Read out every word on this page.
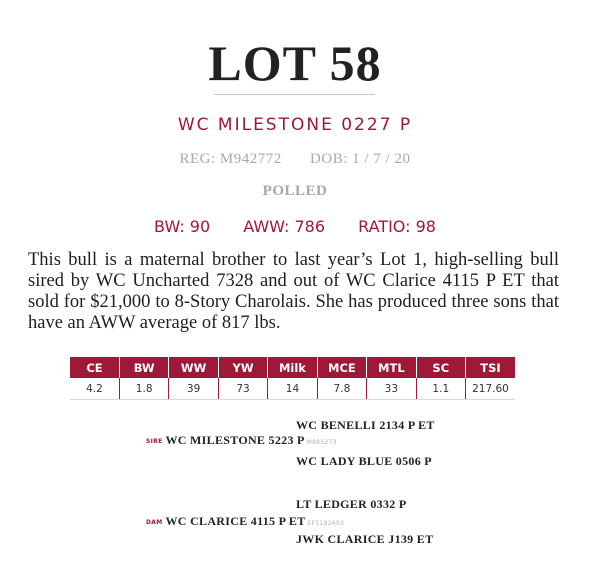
LOT 58
WC MILESTONE 0227 P
REG: M942772 DOB: 1 / 7 / 20
POLLED
BW: 90 AWW: 786 RATIO: 98
This bull is a maternal brother to last year’s Lot 1, high-selling bull sired by WC Uncharted 7328 and out of WC Clarice 4115 P ET that sold for $21,000 to 8-Story Charolais. She has produced three sons that have an AWW average of 817 lbs.
CE	BW	WW	YW	Milk	MCE	MTL	SC	TSI
4.2	1.8	39	73	14	7.8	33	1.1	217.60
WC BENELLI 2134 P ET
SIRE WC MILESTONE 5223 P M885273
WC LADY BLUE 0506 P
LT LEDGER 0332 P
DAM WC CLARICE 4115 P ET EF1182693
JWK CLARICE J139 ET
